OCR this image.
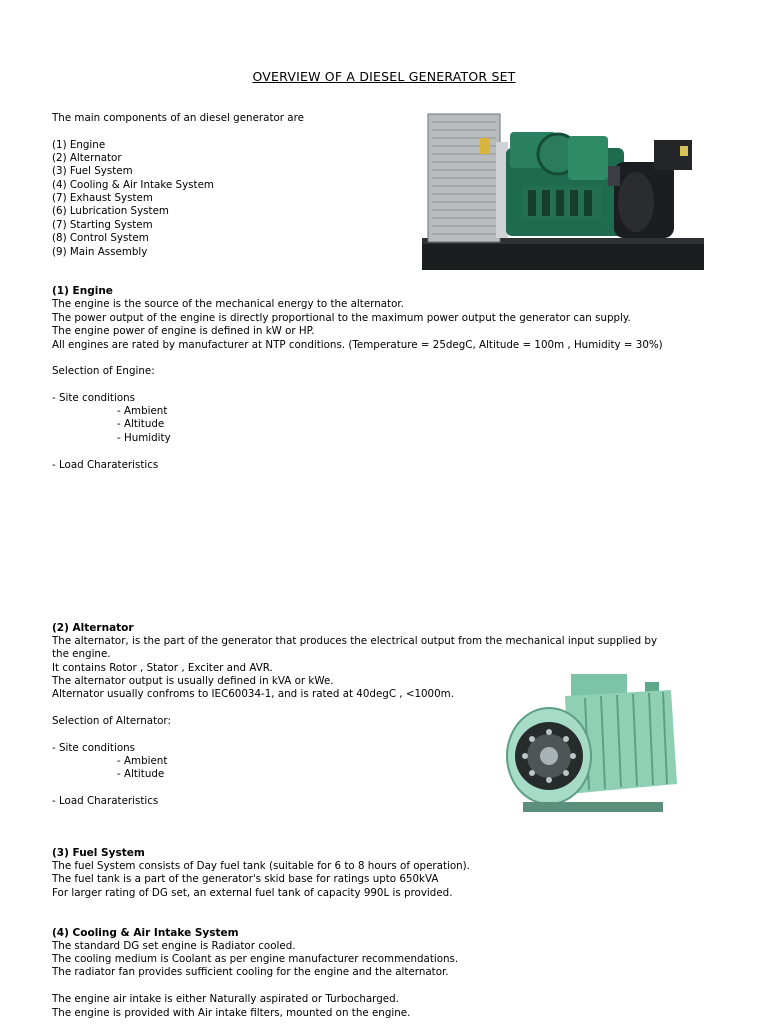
OVERVIEW OF A DIESEL GENERATOR SET
The main components of an diesel generator are
(1) Engine
(2) Alternator
(3) Fuel System
(4) Cooling & Air Intake System
(7) Exhaust System
(6) Lubrication System
(7) Starting System
(8) Control System
(9) Main Assembly
(1) Engine
The engine is the source of the mechanical energy to the alternator.
The power output of the engine is directly proportional to the maximum power output the generator can supply.
The engine power of engine is defined in kW or HP.
All engines are rated by manufacturer at NTP conditions. (Temperature = 25degC, Altitude = 100m , Humidity = 30%)
Selection of Engine:
- Site conditions
- Ambient
- Altitude
- Humidity
- Load Charateristics
(2) Alternator
The alternator, is the part of the generator that produces the electrical output from the mechanical input supplied by
the engine.
It contains Rotor , Stator , Exciter and AVR.
The alternator output is usually defined in kVA or kWe.
Alternator usually confroms to IEC60034-1, and is rated at 40degC , <1000m.
Selection of Alternator:
- Site conditions
- Ambient
- Altitude
- Load Charateristics
(3) Fuel System
The fuel System consists of Day fuel tank (suitable for 6 to 8 hours of operation).
The fuel tank is a part of the generator's skid base for ratings upto 650kVA
For larger rating of DG set, an external fuel tank of capacity 990L is provided.
(4) Cooling & Air Intake System
The standard DG set engine is Radiator cooled.
The cooling medium is Coolant as per engine manufacturer recommendations.
The radiator fan provides sufficient cooling for the engine and the alternator.
The engine air intake is either Naturally aspirated or Turbocharged.
The engine is provided with Air intake filters, mounted on the engine.
